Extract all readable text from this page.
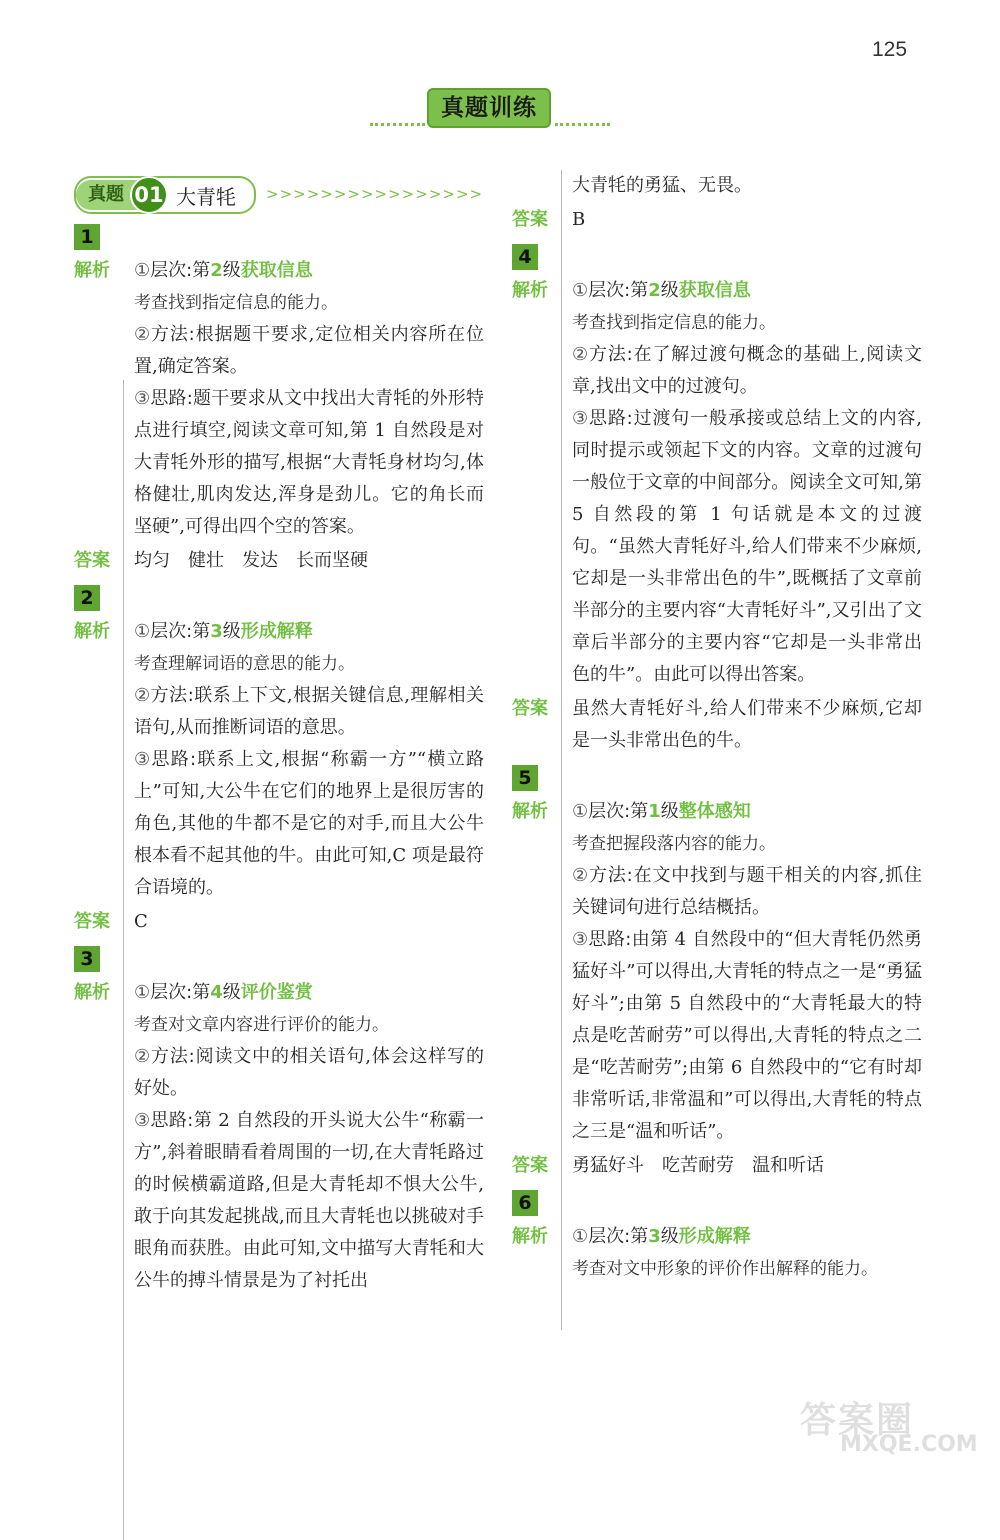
125
真题训练
真题 01 大青牦	>>>>>>>>>>>>>>>>
1
解析	①层次:第2级获取信息
考查找到指定信息的能力。
②方法:根据题干要求,定位相关内容所在位置,确定答案。
③思路:题干要求从文中找出大青牦的外形特点进行填空,阅读文章可知,第 1 自然段是对大青牦外形的描写,根据“大青牦身材均匀,体格健壮,肌肉发达,浑身是劲儿。它的角长而坚硬”,可得出四个空的答案。
答案	均匀　健壮　发达　长而坚硬
2
解析	①层次:第3级形成解释
考查理解词语的意思的能力。
②方法:联系上下文,根据关键信息,理解相关语句,从而推断词语的意思。
③思路:联系上文,根据“称霸一方”“横立路上”可知,大公牛在它们的地界上是很厉害的角色,其他的牛都不是它的对手,而且大公牛根本看不起其他的牛。由此可知,C 项是最符合语境的。
答案	C
3
解析	①层次:第4级评价鉴赏
考查对文章内容进行评价的能力。
②方法:阅读文中的相关语句,体会这样写的好处。
③思路:第 2 自然段的开头说大公牛“称霸一方”,斜着眼睛看着周围的一切,在大青牦路过的时候横霸道路,但是大青牦却不惧大公牛,敢于向其发起挑战,而且大青牦也以挑破对手眼角而获胜。由此可知,文中描写大青牦和大公牛的搏斗情景是为了衬托出
大青牦的勇猛、无畏。
答案	B
4
解析	①层次:第2级获取信息
考查找到指定信息的能力。
②方法:在了解过渡句概念的基础上,阅读文章,找出文中的过渡句。
③思路:过渡句一般承接或总结上文的内容,同时提示或领起下文的内容。文章的过渡句一般位于文章的中间部分。阅读全文可知,第 5 自然段的第 1 句话就是本文的过渡句。“虽然大青牦好斗,给人们带来不少麻烦,它却是一头非常出色的牛”,既概括了文章前半部分的主要内容“大青牦好斗”,又引出了文章后半部分的主要内容“它却是一头非常出色的牛”。由此可以得出答案。
答案	虽然大青牦好斗,给人们带来不少麻烦,它却是一头非常出色的牛。
5
解析	①层次:第1级整体感知
考查把握段落内容的能力。
②方法:在文中找到与题干相关的内容,抓住关键词句进行总结概括。
③思路:由第 4 自然段中的“但大青牦仍然勇猛好斗”可以得出,大青牦的特点之一是“勇猛好斗”;由第 5 自然段中的“大青牦最大的特点是吃苦耐劳”可以得出,大青牦的特点之二是“吃苦耐劳”;由第 6 自然段中的“它有时却非常听话,非常温和”可以得出,大青牦的特点之三是“温和听话”。
答案	勇猛好斗　吃苦耐劳　温和听话
6
解析	①层次:第3级形成解释
考查对文中形象的评价作出解释的能力。
答案圈
MXQE.COM
